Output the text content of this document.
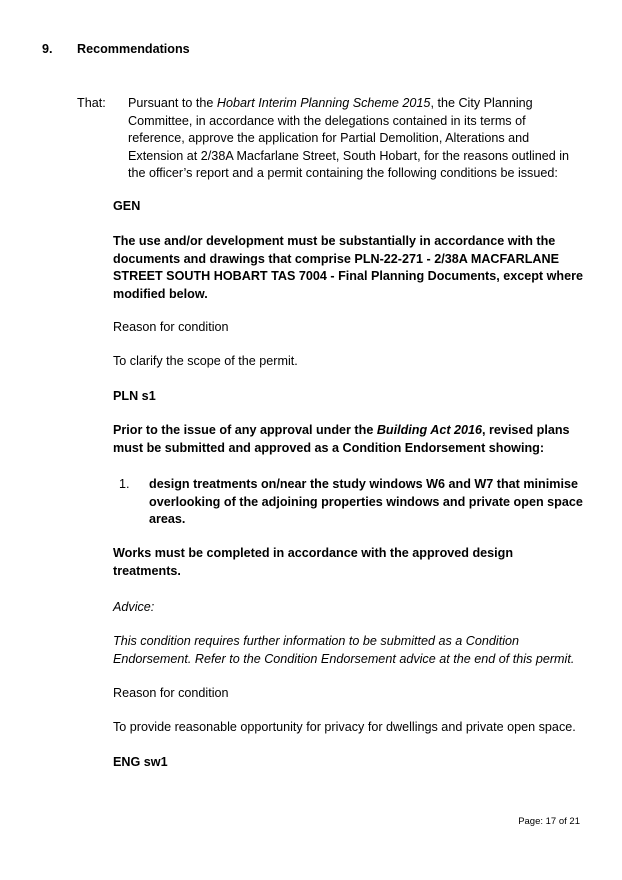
9. Recommendations
That: Pursuant to the Hobart Interim Planning Scheme 2015, the City Planning Committee, in accordance with the delegations contained in its terms of reference, approve the application for Partial Demolition, Alterations and Extension at 2/38A Macfarlane Street, South Hobart, for the reasons outlined in the officer’s report and a permit containing the following conditions be issued:

GEN

The use and/or development must be substantially in accordance with the documents and drawings that comprise PLN-22-271 - 2/38A MACFARLANE STREET SOUTH HOBART TAS 7004 - Final Planning Documents, except where modified below.

Reason for condition
To clarify the scope of the permit.
PLN s1

Prior to the issue of any approval under the Building Act 2016, revised plans must be submitted and approved as a Condition Endorsement showing:

1. design treatments on/near the study windows W6 and W7 that minimise overlooking of the adjoining properties windows and private open space areas.

Works must be completed in accordance with the approved design treatments.

Advice:

This condition requires further information to be submitted as a Condition Endorsement. Refer to the Condition Endorsement advice at the end of this permit.

Reason for condition
To provide reasonable opportunity for privacy for dwellings and private open space.
ENG sw1
Page: 17 of 21
